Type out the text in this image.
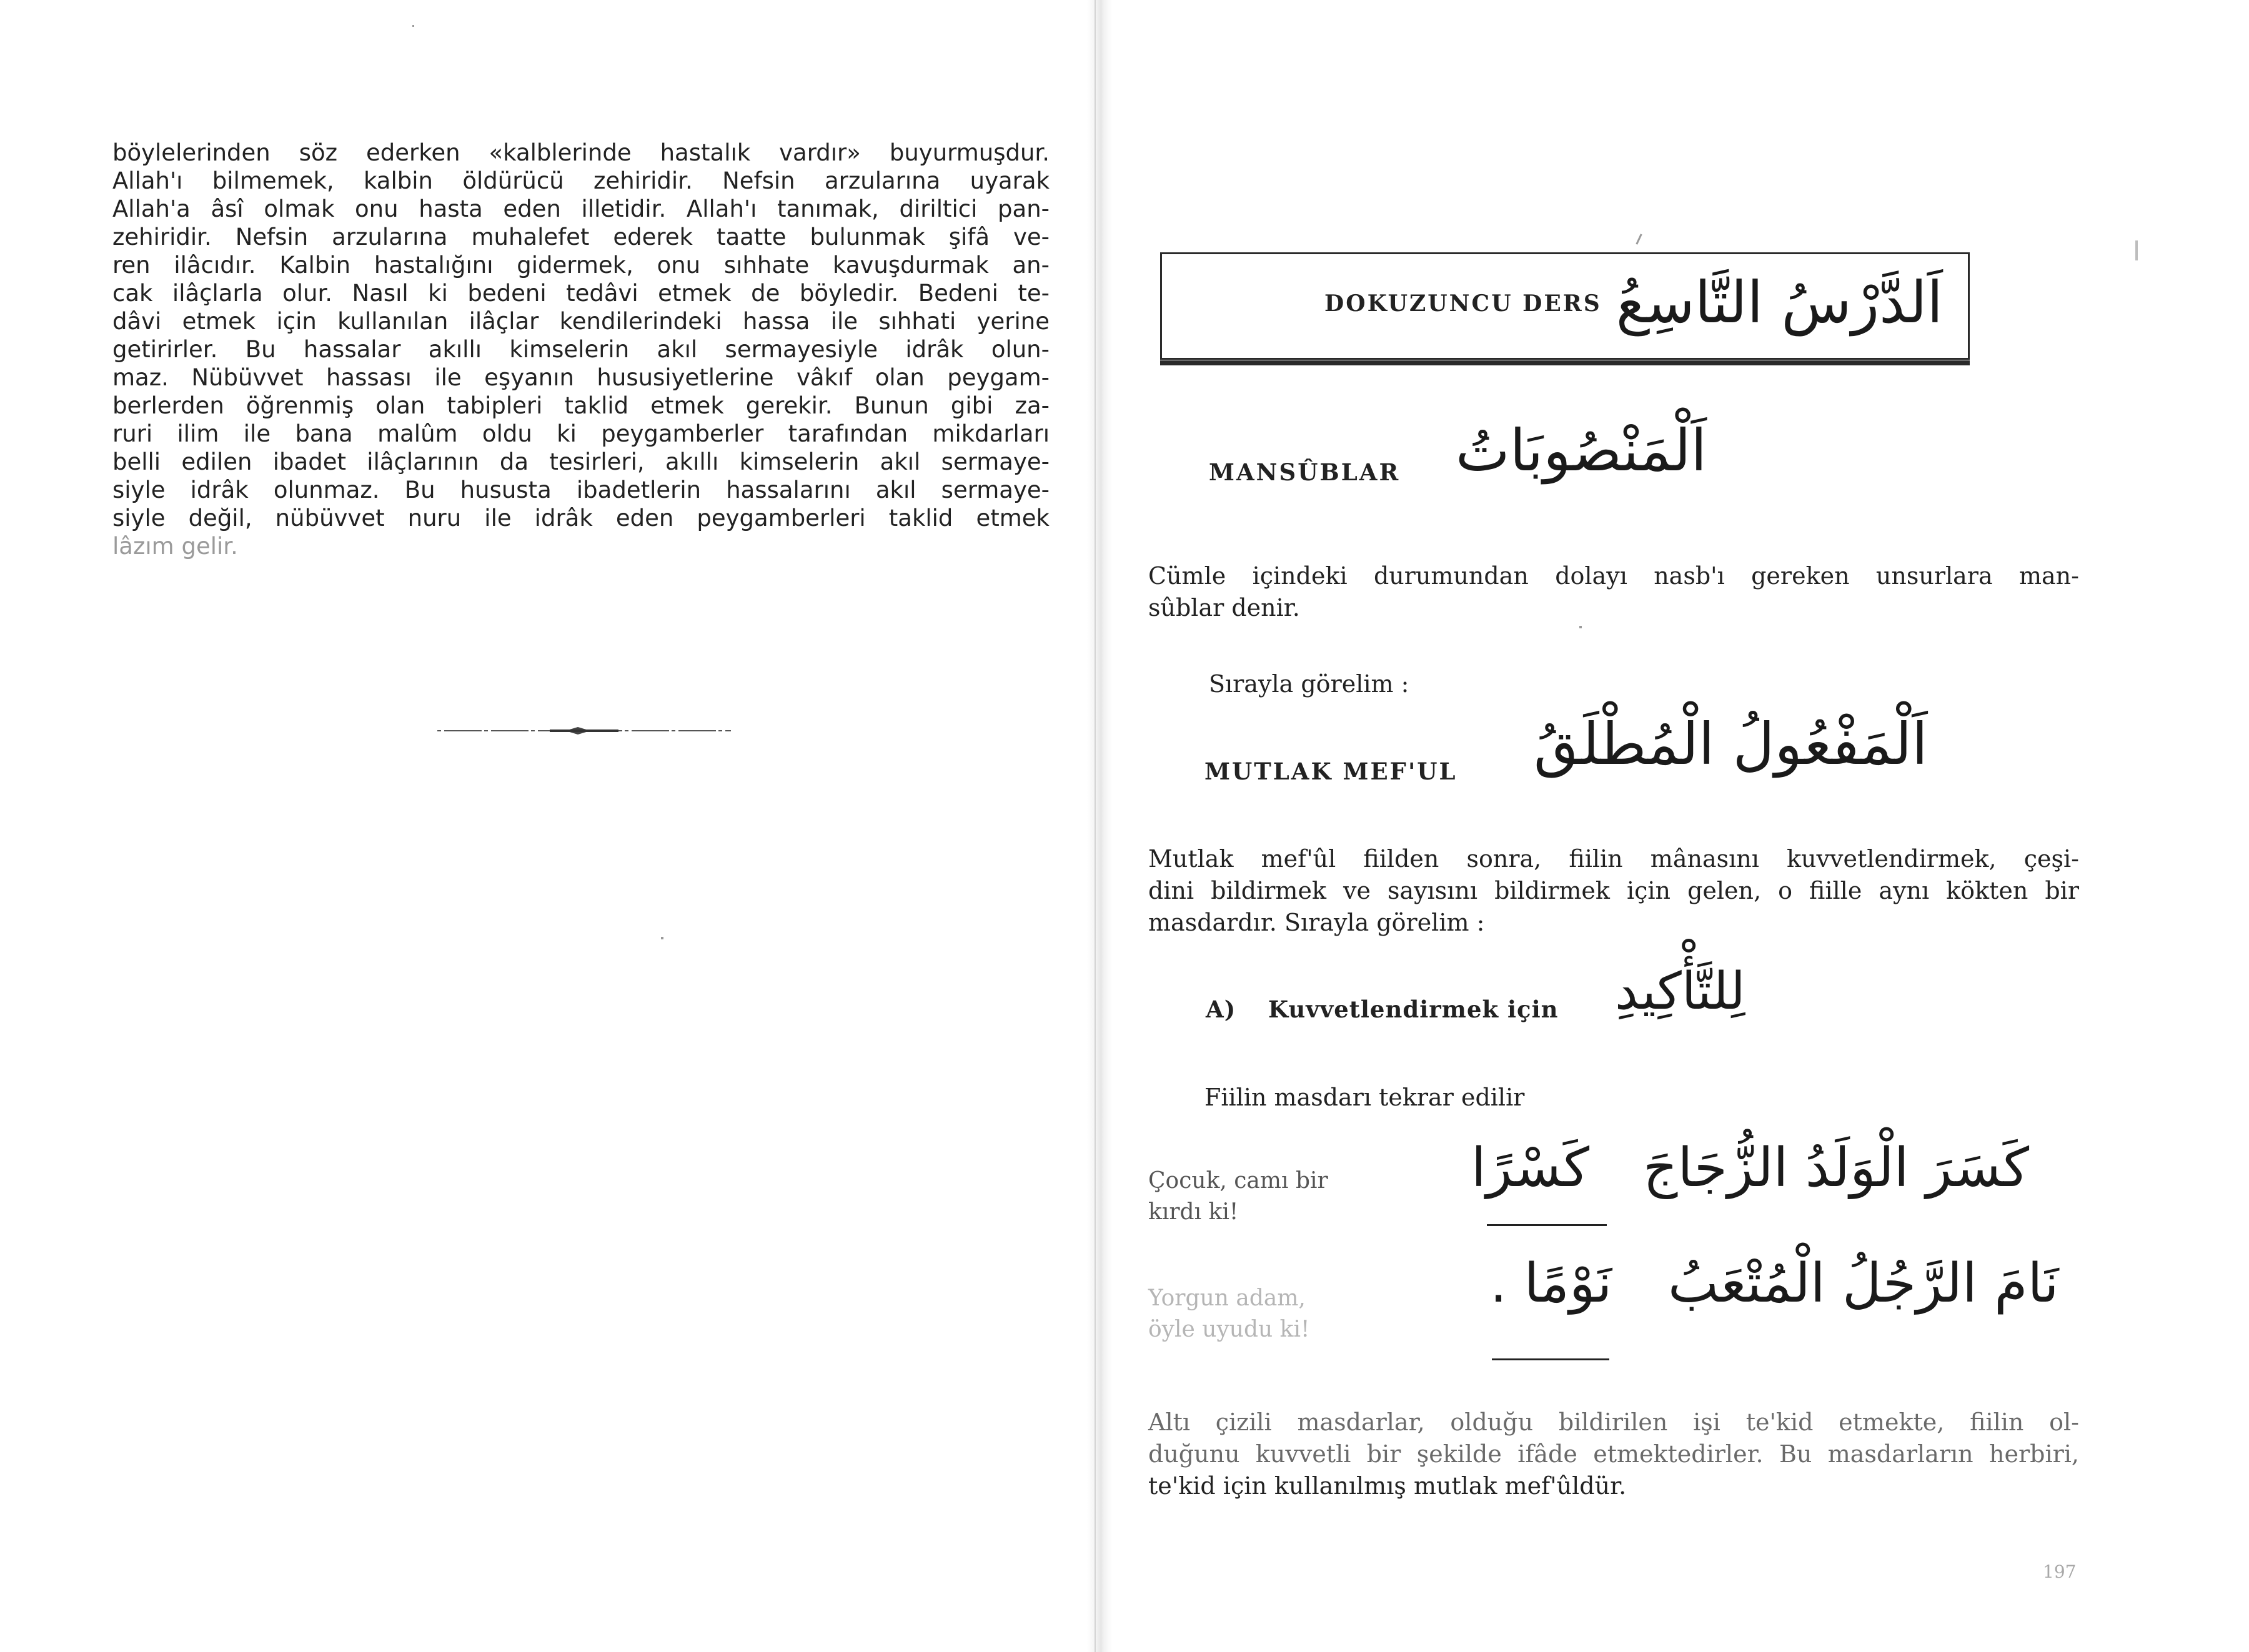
böylelerinden söz ederken «kalblerinde hastalık vardır» buyurmuşdur.
Allah'ı bilmemek, kalbin öldürücü zehiridir. Nefsin arzularına uyarak
Allah'a âsî olmak onu hasta eden illetidir. Allah'ı tanımak, diriltici pan-
zehiridir. Nefsin arzularına muhalefet ederek taatte bulunmak şifâ ve-
ren ilâcıdır. Kalbin hastalığını gidermek, onu sıhhate kavuşdurmak an-
cak ilâçlarla olur. Nasıl ki bedeni tedâvi etmek de böyledir. Bedeni te-
dâvi etmek için kullanılan ilâçlar kendilerindeki hassa ile sıhhati yerine
getirirler. Bu hassalar akıllı kimselerin akıl sermayesiyle idrâk olun-
maz. Nübüvvet hassası ile eşyanın hususiyetlerine vâkıf olan peygam-
berlerden öğrenmiş olan tabipleri taklid etmek gerekir. Bunun gibi za-
ruri ilim ile bana malûm oldu ki peygamberler tarafından mikdarları
belli edilen ibadet ilâçlarının da tesirleri, akıllı kimselerin akıl sermaye-
siyle idrâk olunmaz. Bu hususta ibadetlerin hassalarını akıl sermaye-
siyle değil, nübüvvet nuru ile idrâk eden peygamberleri taklid etmek
lâzım gelir.
DOKUZUNCU DERS اَلدَّرْسُ التَّاسِعُ
MANSÛBLAR اَلْمَنْصُوبَاتُ
Cümle içindeki durumundan dolayı nasb'ı gereken unsurlara man-
sûblar denir.
Sırayla görelim :
MUTLAK MEF'UL اَلْمَفْعُولُ الْمُطْلَقُ
Mutlak mef'ûl fiilden sonra, fiilin mânasını kuvvetlendirmek, çeşi-
dini bildirmek ve sayısını bildirmek için gelen, o fiille aynı kökten bir
masdardır. Sırayla görelim :
A) Kuvvetlendirmek için لِلتَّأْكِيدِ
Fiilin masdarı tekrar edilir
Çocuk, camı bir
kırdı ki!
كَسْرًا كَسَرَ الْوَلَدُ الزُّجَاجَ
Yorgun adam,
öyle uyudu ki!
نَوْمًا . نَامَ الرَّجُلُ الْمُتْعَبُ
Altı çizili masdarlar, olduğu bildirilen işi te'kid etmekte, fiilin ol-
duğunu kuvvetli bir şekilde ifâde etmektedirler. Bu masdarların herbiri,
te'kid için kullanılmış mutlak mef'ûldür.
197
